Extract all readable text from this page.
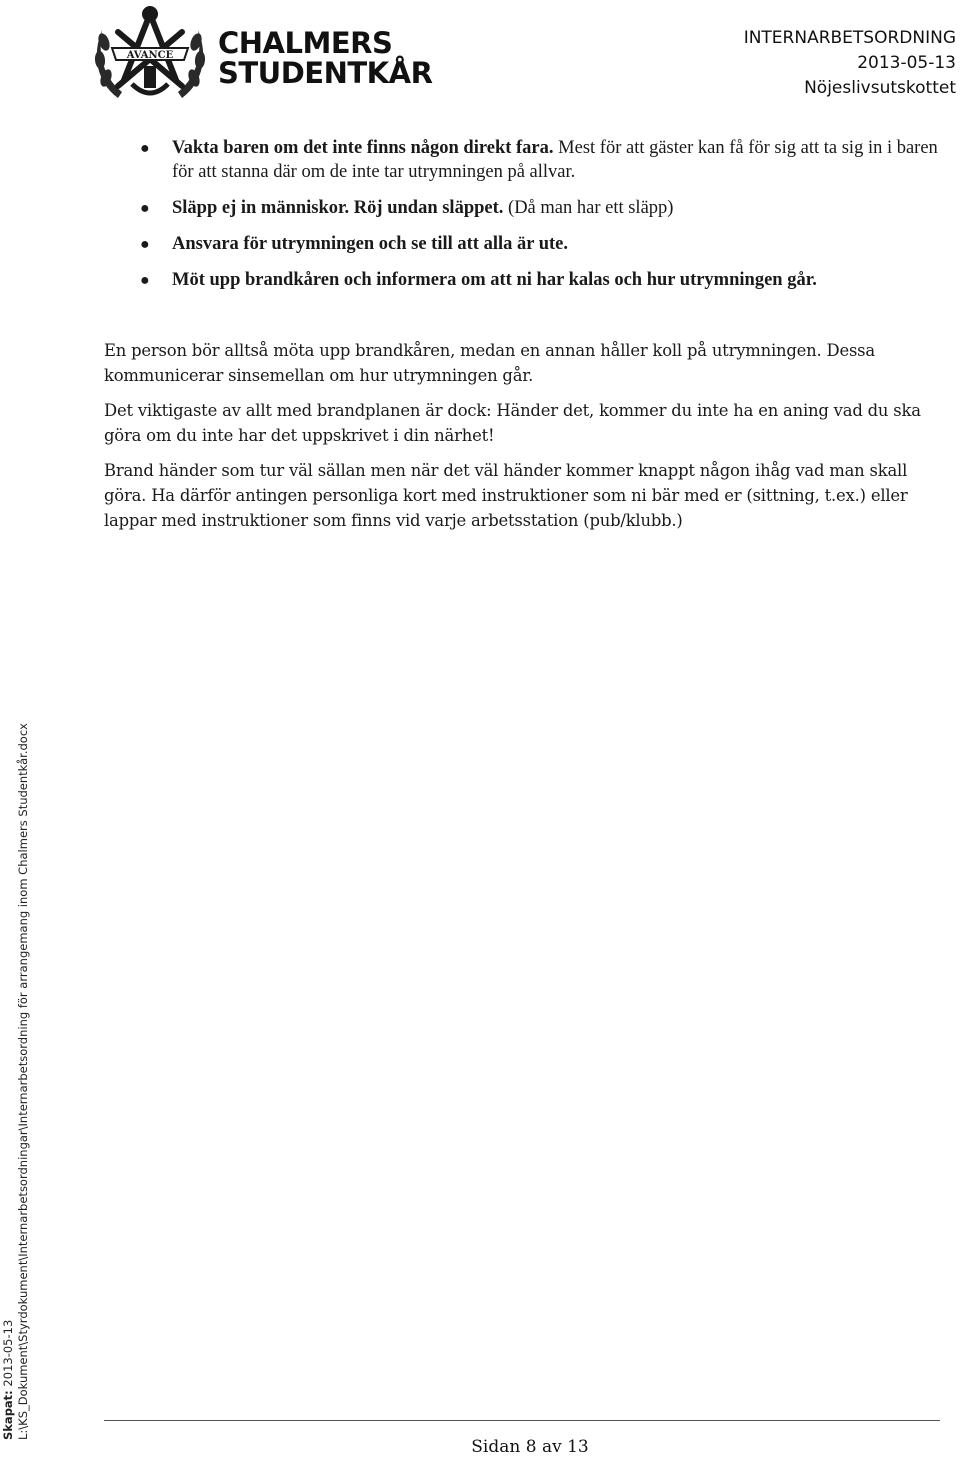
AVANCE CHALMERS
STUDENTKÅR
INTERNARBETSORDNING
2013-05-13
Nöjeslivsutskottet
● Vakta baren om det inte finns någon direkt fara. Mest för att gäster kan få för sig att ta sig in i baren för att stanna där om de inte tar utrymningen på allvar.
● Släpp ej in människor. Röj undan släppet. (Då man har ett släpp)
● Ansvara för utrymningen och se till att alla är ute.
● Möt upp brandkåren och informera om att ni har kalas och hur utrymningen går.

En person bör alltså möta upp brandkåren, medan en annan håller koll på utrymningen. Dessa kommunicerar sinsemellan om hur utrymningen går.

Det viktigaste av allt med brandplanen är dock: Händer det, kommer du inte ha en aning vad du ska göra om du inte har det uppskrivet i din närhet!

Brand händer som tur väl sällan men när det väl händer kommer knappt någon ihåg vad man skall göra. Ha därför antingen personliga kort med instruktioner som ni bär med er (sittning, t.ex.) eller lappar med instruktioner som finns vid varje arbetsstation (pub/klubb.)

Skapat: 2013-05-13 L:\KS_Dokument\Styrdokument\Internarbetsordningar\Internarbetsordning för arrangemang inom Chalmers Studentkår.docx
Sidan 8 av 13
